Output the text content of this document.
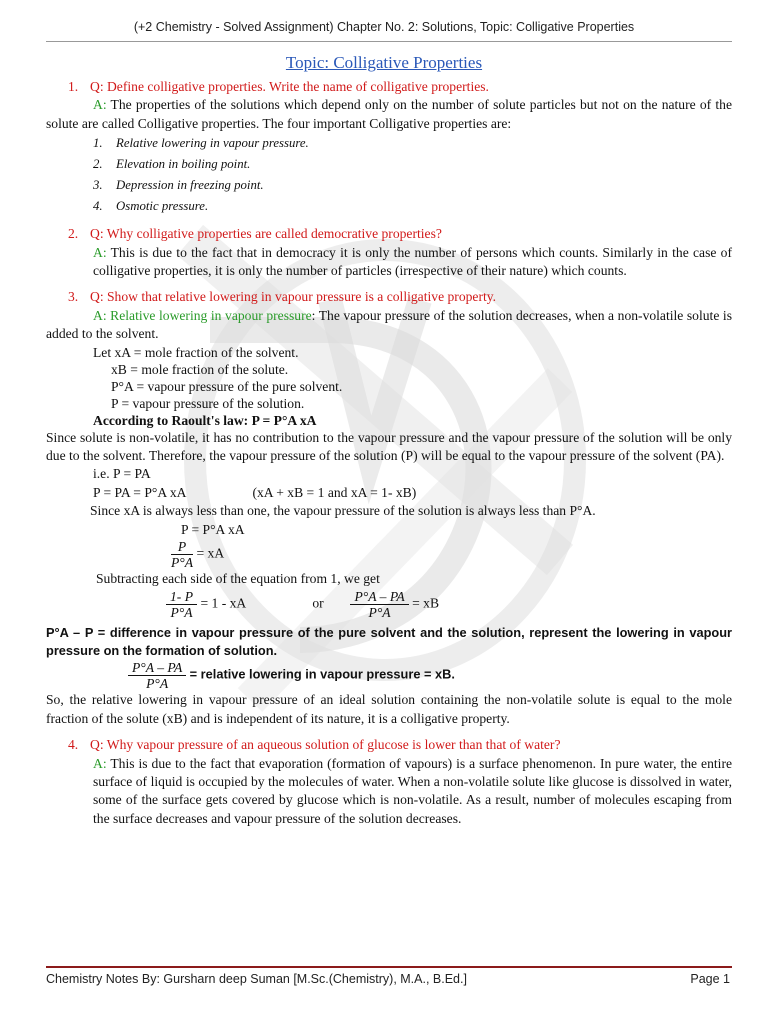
(+2 Chemistry - Solved Assignment) Chapter No. 2: Solutions, Topic: Colligative Properties
Topic: Colligative Properties
1. Q: Define colligative properties. Write the name of colligative properties.
A: The properties of the solutions which depend only on the number of solute particles but not on the nature of the solute are called Colligative properties. The four important Colligative properties are:
1. Relative lowering in vapour pressure.
2. Elevation in boiling point.
3. Depression in freezing point.
4. Osmotic pressure.
2. Q: Why colligative properties are called democrative properties?
A: This is due to the fact that in democracy it is only the number of persons which counts. Similarly in the case of colligative properties, it is only the number of particles (irrespective of their nature) which counts.
3. Q: Show that relative lowering in vapour pressure is a colligative property.
A: Relative lowering in vapour pressure: The vapour pressure of the solution decreases, when a non-volatile solute is added to the solvent.
Let xA = mole fraction of the solvent.
xB = mole fraction of the solute.
P°A = vapour pressure of the pure solvent.
P = vapour pressure of the solution.
According to Raoult's law: P = P°A xA
Since solute is non-volatile, it has no contribution to the vapour pressure and the vapour pressure of the solution will be only due to the solvent. Therefore, the vapour pressure of the solution (P) will be equal to the vapour pressure of the solvent (PA).
i.e. P = PA
P = PA = P°A xA	(xA + xB = 1 and xA = 1- xB)
Since xA is always less than one, the vapour pressure of the solution is always less than P°A.
P = P°A xA
$\frac{P}{P^\circ A}$ = xA
Subtracting each side of the equation from 1, we get
$\frac{1- P}{P^\circ A} = 1$ - xA	or $\frac{P^\circ A - PA}{P^\circ A}$ = xB
P°A – P = difference in vapour pressure of the pure solvent and the solution, represent the lowering in vapour pressure on the formation of solution.
$\frac{P^\circ A - PA}{P^\circ A}$ = relative lowering in vapour pressure = xB.
So, the relative lowering in vapour pressure of an ideal solution containing the non-volatile solute is equal to the mole fraction of the solute (xB) and is independent of its nature, it is a colligative property.
4. Q: Why vapour pressure of an aqueous solution of glucose is lower than that of water?
A: This is due to the fact that evaporation (formation of vapours) is a surface phenomenon. In pure water, the entire surface of liquid is occupied by the molecules of water. When a non-volatile solute like glucose is dissolved in water, some of the surface gets covered by glucose which is non-volatile. As a result, number of molecules escaping from the surface decreases and vapour pressure of the solution decreases.
Chemistry Notes By: Gursharn deep Suman [M.Sc.(Chemistry), M.A., B.Ed.]	Page 1
